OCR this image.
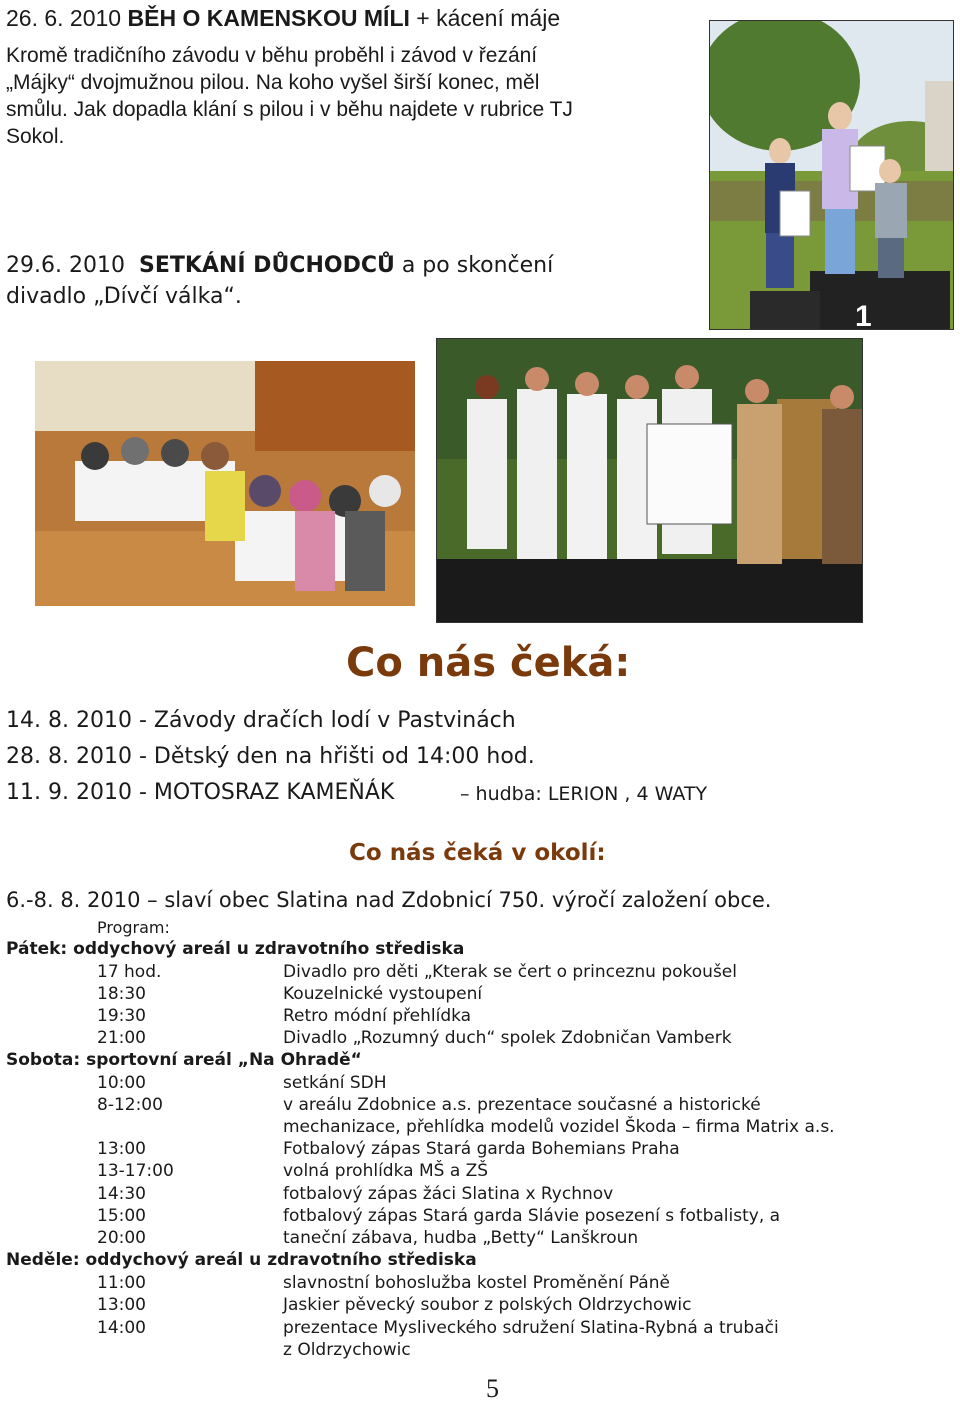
26. 6. 2010 BĚH O KAMENSKOU MÍLI + kácení máje
Kromě tradičního závodu v běhu proběhl i závod v řezání
„Májky“ dvojmužnou pilou. Na koho vyšel širší konec, měl
smůlu. Jak dopadla klání s pilou i v běhu najdete v rubrice TJ
Sokol.
29.6. 2010 SETKÁNÍ DŮCHODCŮ a po skončení
divadlo „Dívčí válka“.
1
Co nás čeká:
14. 8. 2010 - Závody dračích lodí v Pastvinách
28. 8. 2010 - Dětský den na hřišti od 14:00 hod.
11. 9. 2010 - MOTOSRAZ KAMEŇÁK	– hudba: LERION , 4 WATY
Co nás čeká v okolí:
6.-8. 8. 2010 – slaví obec Slatina nad Zdobnicí 750. výročí založení obce.
Program:
Pátek: oddychový areál u zdravotního střediska
17 hod.	Divadlo pro děti „Kterak se čert o princeznu pokoušel
18:30	Kouzelnické vystoupení
19:30	Retro módní přehlídka
21:00	Divadlo „Rozumný duch“ spolek Zdobničan Vamberk
Sobota: sportovní areál „Na Ohradě“
10:00	setkání SDH
8-12:00	v areálu Zdobnice a.s. prezentace současné a historické
mechanizace, přehlídka modelů vozidel Škoda – firma Matrix a.s.
13:00	Fotbalový zápas Stará garda Bohemians Praha
13-17:00	volná prohlídka MŠ a ZŠ
14:30	fotbalový zápas žáci Slatina x Rychnov
15:00	fotbalový zápas Stará garda Slávie posezení s fotbalisty, a
20:00	taneční zábava, hudba „Betty“ Lanškroun
Neděle: oddychový areál u zdravotního střediska
11:00	slavnostní bohoslužba kostel Proměnění Páně
13:00	Jaskier pěvecký soubor z polských Oldrzychowic
14:00	prezentace Mysliveckého sdružení Slatina-Rybná a trubači
z Oldrzychowic
5
